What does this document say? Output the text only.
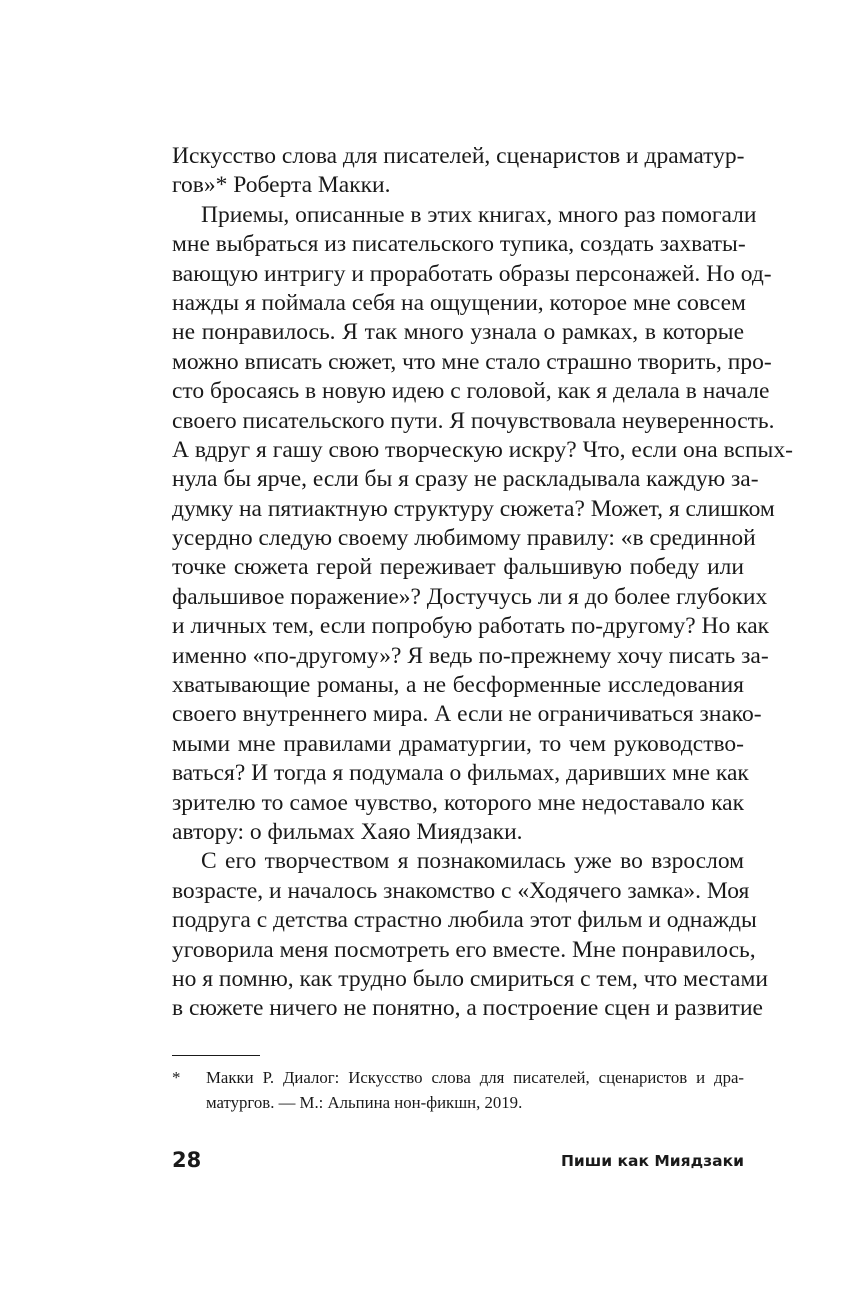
Искусство слова для писателей, сценаристов и драматур-
гов»* Роберта Макки.
Приемы, описанные в этих книгах, много раз помогали
мне выбраться из писательского тупика, создать захваты-
вающую интригу и проработать образы персонажей. Но од-
нажды я поймала себя на ощущении, которое мне совсем
не понравилось. Я так много узнала о рамках, в которые
можно вписать сюжет, что мне стало страшно творить, про-
сто бросаясь в новую идею с головой, как я делала в начале
своего писательского пути. Я почувствовала неуверенность.
А вдруг я гашу свою творческую искру? Что, если она вспых-
нула бы ярче, если бы я сразу не раскладывала каждую за-
думку на пятиактную структуру сюжета? Может, я слишком
усердно следую своему любимому правилу: «в срединной
точке сюжета герой переживает фальшивую победу или
фальшивое поражение»? Достучусь ли я до более глубоких
и личных тем, если попробую работать по-другому? Но как
именно «по-другому»? Я ведь по-прежнему хочу писать за-
хватывающие романы, а не бесформенные исследования
своего внутреннего мира. А если не ограничиваться знако-
мыми мне правилами драматургии, то чем руководство-
ваться? И тогда я подумала о фильмах, даривших мне как
зрителю то самое чувство, которого мне недоставало как
автору: о фильмах Хаяо Миядзаки.
С его творчеством я познакомилась уже во взрослом
возрасте, и началось знакомство с «Ходячего замка». Моя
подруга с детства страстно любила этот фильм и однажды
уговорила меня посмотреть его вместе. Мне понравилось,
но я помню, как трудно было смириться с тем, что местами
в сюжете ничего не понятно, а построение сцен и развитие
* Макки Р. Диалог: Искусство слова для писателей, сценаристов и дра-
матургов. — М.: Альпина нон-фикшн, 2019.
28	Пиши как Миядзаки
